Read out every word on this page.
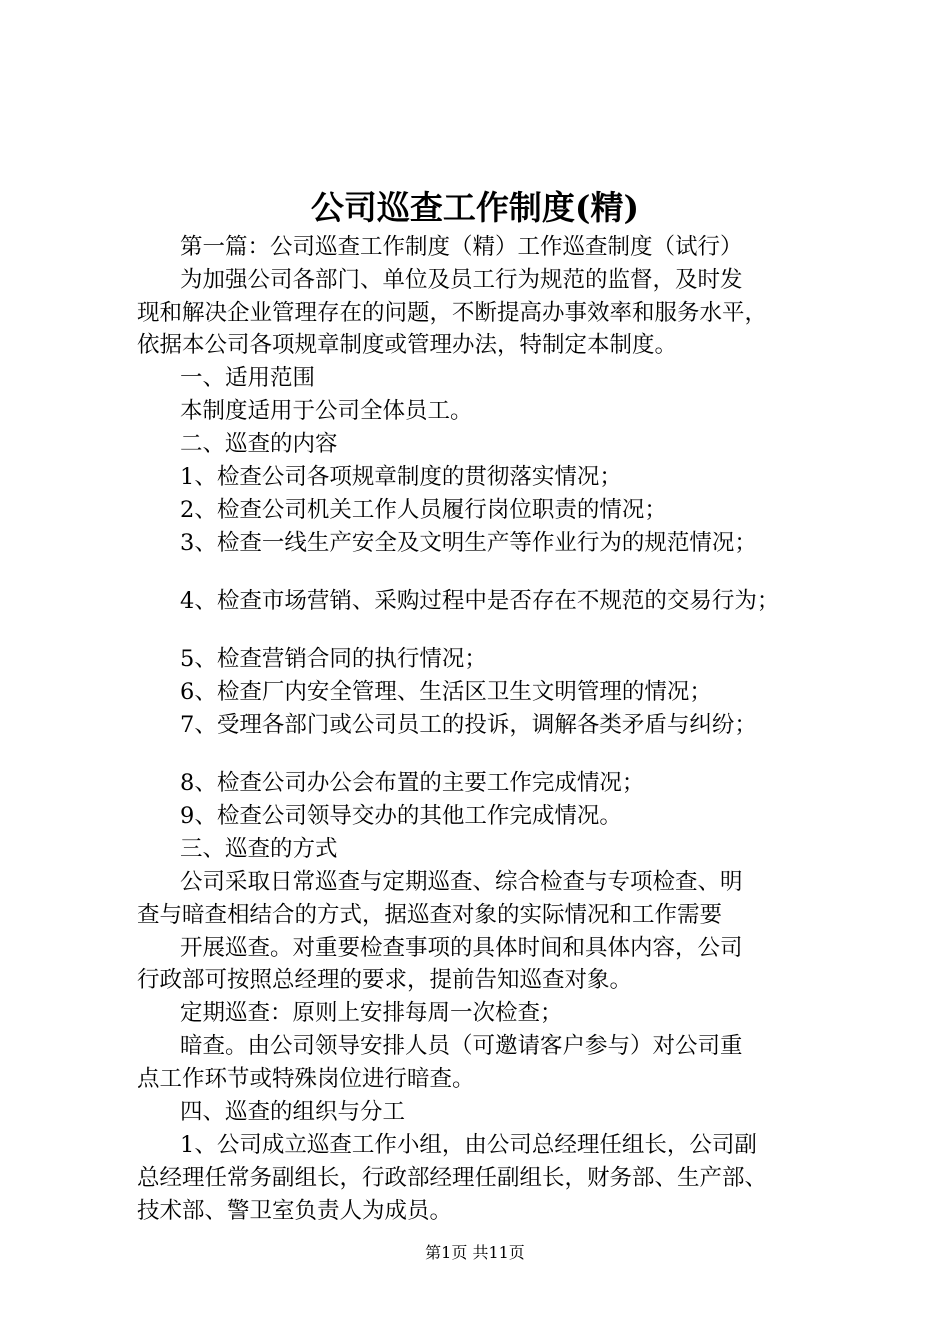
公司巡查工作制度(精)
第一篇：公司巡查工作制度（精）工作巡查制度（试行）
为加强公司各部门、单位及员工行为规范的监督，及时发
现和解决企业管理存在的问题，不断提高办事效率和服务水平，
依据本公司各项规章制度或管理办法，特制定本制度。
一、适用范围
本制度适用于公司全体员工。
二、巡查的内容
1、检查公司各项规章制度的贯彻落实情况；
2、检查公司机关工作人员履行岗位职责的情况；
3、检查一线生产安全及文明生产等作业行为的规范情况；
4、检查市场营销、采购过程中是否存在不规范的交易行为；
5、检查营销合同的执行情况；
6、检查厂内安全管理、生活区卫生文明管理的情况；
7、受理各部门或公司员工的投诉，调解各类矛盾与纠纷；
8、检查公司办公会布置的主要工作完成情况；
9、检查公司领导交办的其他工作完成情况。
三、巡查的方式
公司采取日常巡查与定期巡查、综合检查与专项检查、明
查与暗查相结合的方式，据巡查对象的实际情况和工作需要
开展巡查。对重要检查事项的具体时间和具体内容，公司
行政部可按照总经理的要求，提前告知巡查对象。
定期巡查：原则上安排每周一次检查；
暗查。由公司领导安排人员（可邀请客户参与）对公司重
点工作环节或特殊岗位进行暗查。
四、巡查的组织与分工
1、公司成立巡查工作小组，由公司总经理任组长，公司副
总经理任常务副组长，行政部经理任副组长，财务部、生产部、
技术部、警卫室负责人为成员。
第1页 共11页
